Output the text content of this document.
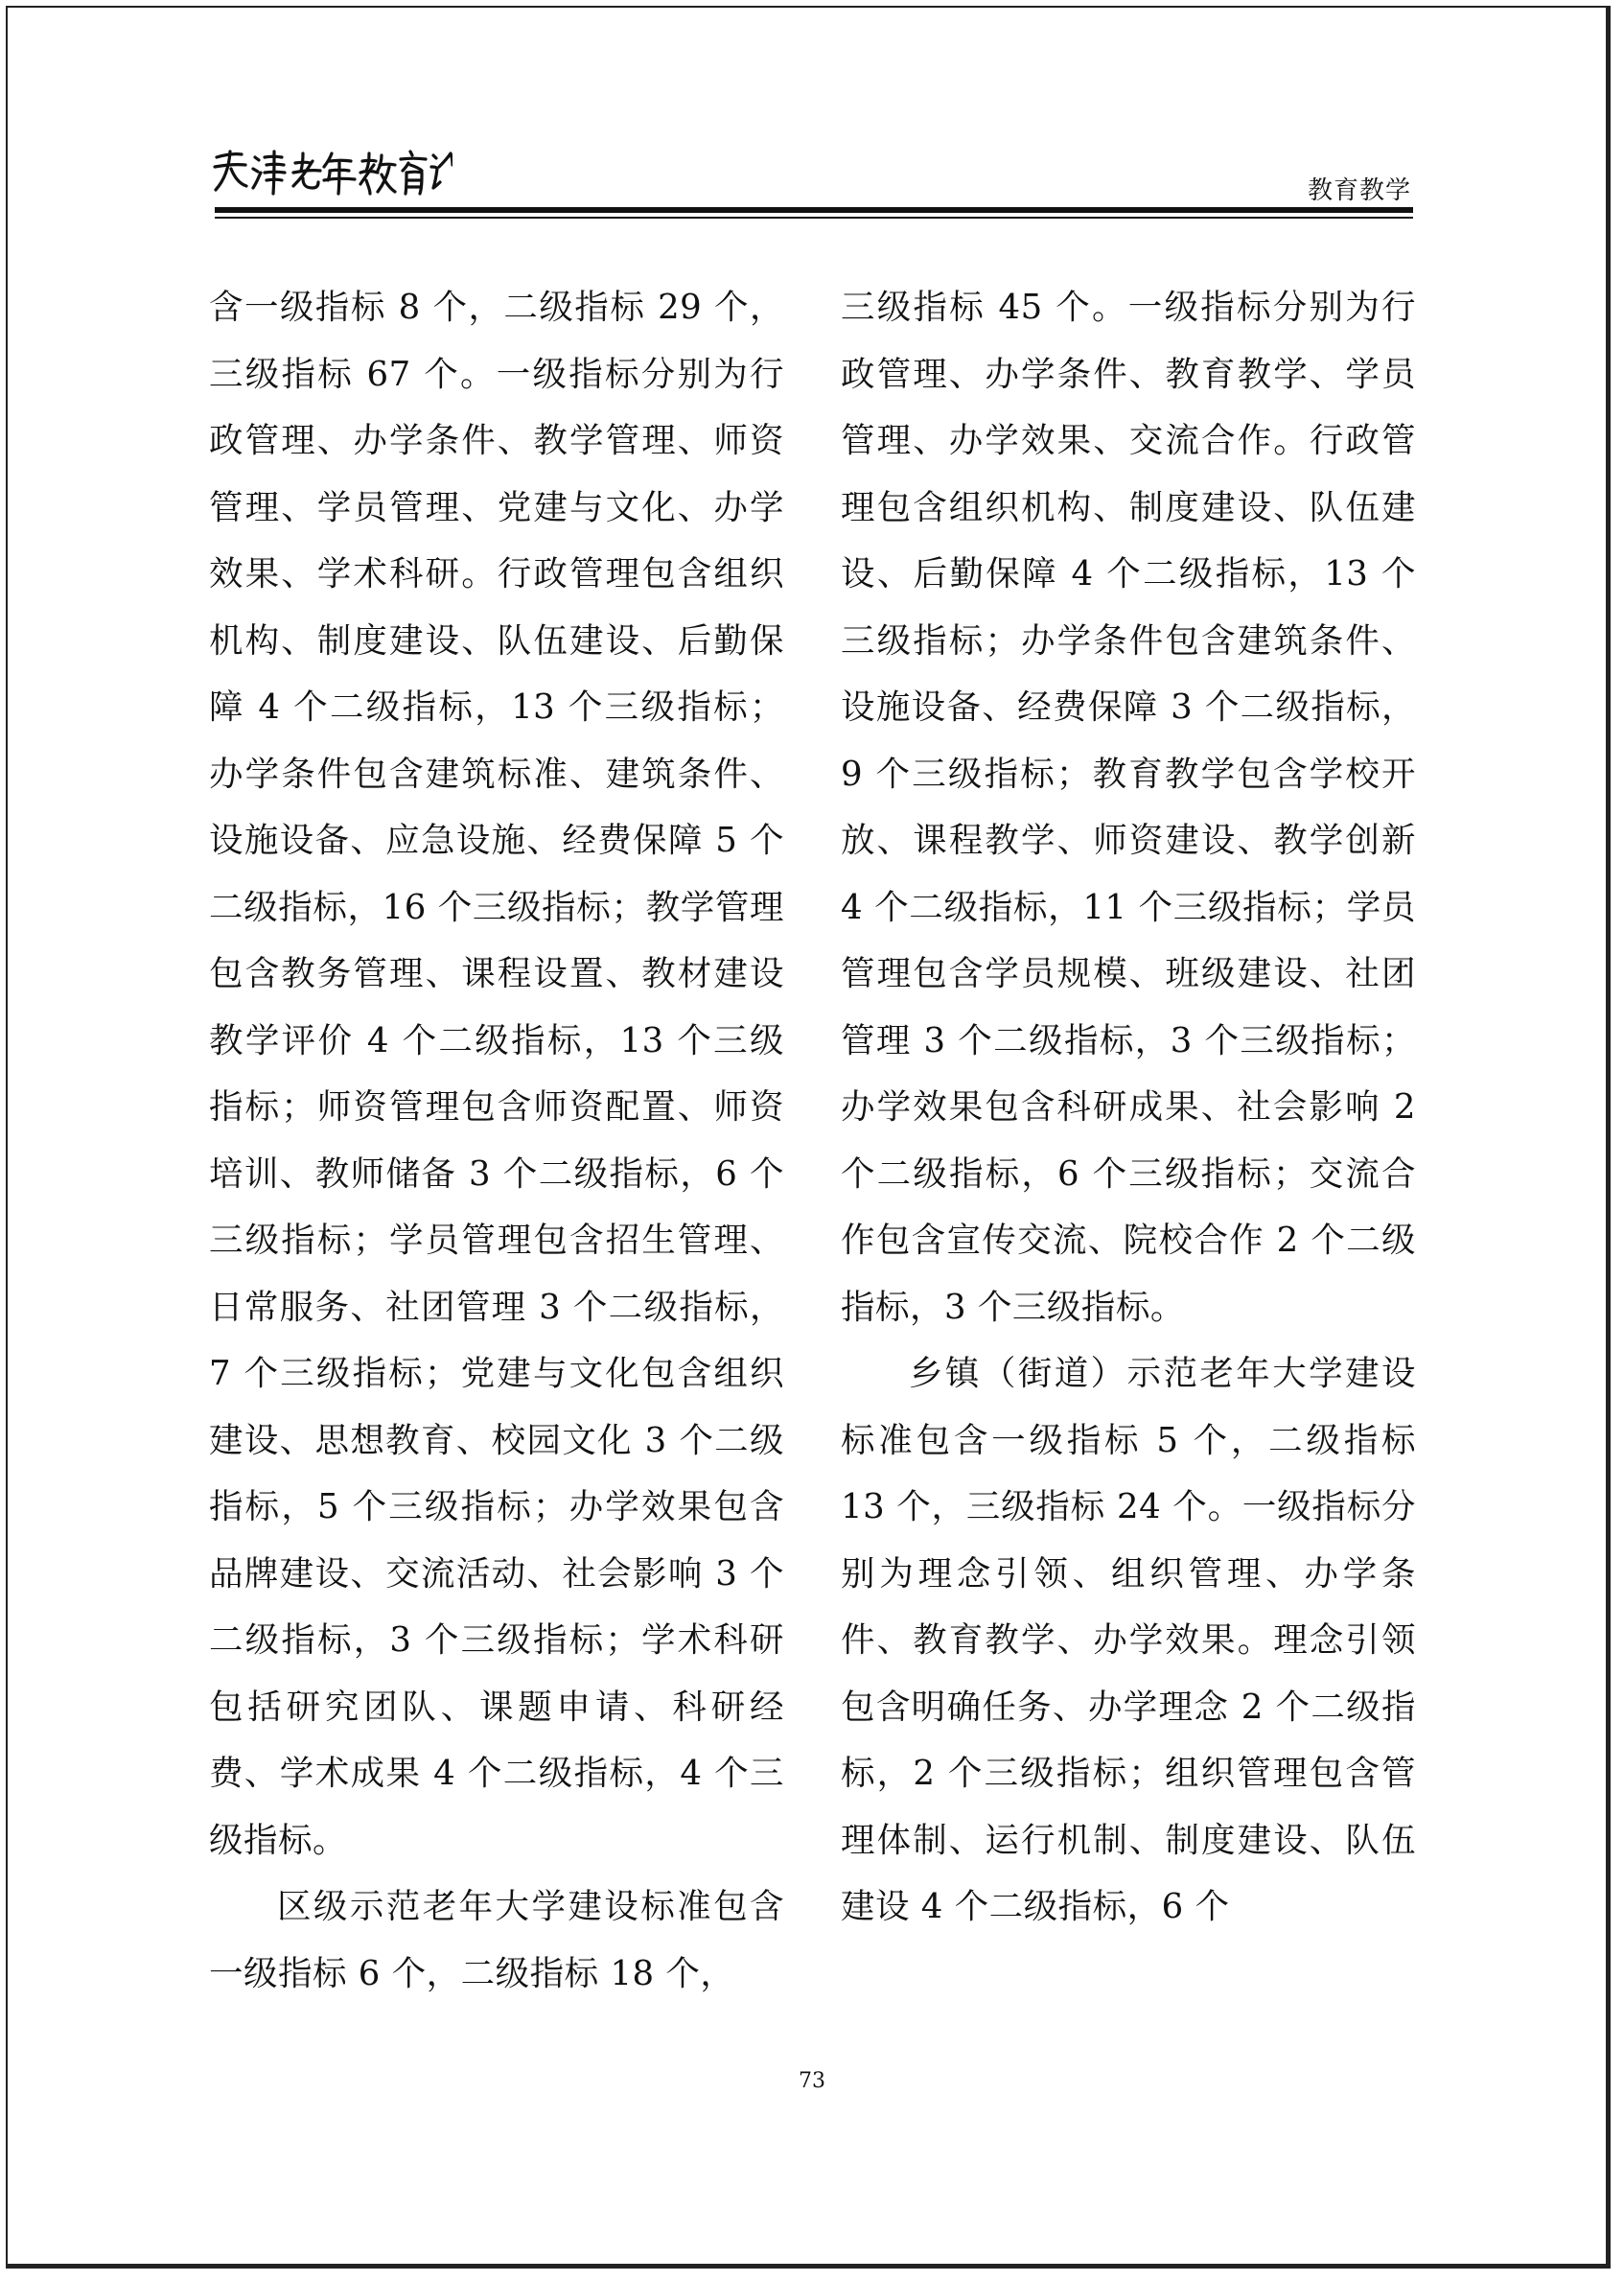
教育教学

含一级指标 8 个，二级指标 29 个，三级指标 67 个。一级指标分别为行政管理、办学条件、教学管理、师资管理、学员管理、党建与文化、办学效果、学术科研。行政管理包含组织机构、制度建设、队伍建设、后勤保障 4 个二级指标，13 个三级指标；办学条件包含建筑标准、建筑条件、设施设备、应急设施、经费保障 5 个二级指标，16 个三级指标；教学管理包含教务管理、课程设置、教材建设教学评价 4 个二级指标，13 个三级指标；师资管理包含师资配置、师资培训、教师储备 3 个二级指标，6 个三级指标；学员管理包含招生管理、日常服务、社团管理 3 个二级指标，7 个三级指标；党建与文化包含组织建设、思想教育、校园文化 3 个二级指标，5 个三级指标；办学效果包含品牌建设、交流活动、社会影响 3 个二级指标，3 个三级指标；学术科研包括研究团队、课题申请、科研经费、学术成果 4 个二级指标，4 个三级指标。

区级示范老年大学建设标准包含一级指标 6 个，二级指标 18 个，

三级指标 45 个。一级指标分别为行政管理、办学条件、教育教学、学员管理、办学效果、交流合作。行政管理包含组织机构、制度建设、队伍建设、后勤保障 4 个二级指标，13 个三级指标；办学条件包含建筑条件、设施设备、经费保障 3 个二级指标，9 个三级指标；教育教学包含学校开放、课程教学、师资建设、教学创新 4 个二级指标，11 个三级指标；学员管理包含学员规模、班级建设、社团管理 3 个二级指标，3 个三级指标；办学效果包含科研成果、社会影响 2 个二级指标，6 个三级指标；交流合作包含宣传交流、院校合作 2 个二级指标，3 个三级指标。

乡镇（街道）示范老年大学建设标准包含一级指标 5 个，二级指标 13 个，三级指标 24 个。一级指标分别为理念引领、组织管理、办学条件、教育教学、办学效果。理念引领包含明确任务、办学理念 2 个二级指标，2 个三级指标；组织管理包含管理体制、运行机制、制度建设、队伍建设 4 个二级指标，6 个

73
